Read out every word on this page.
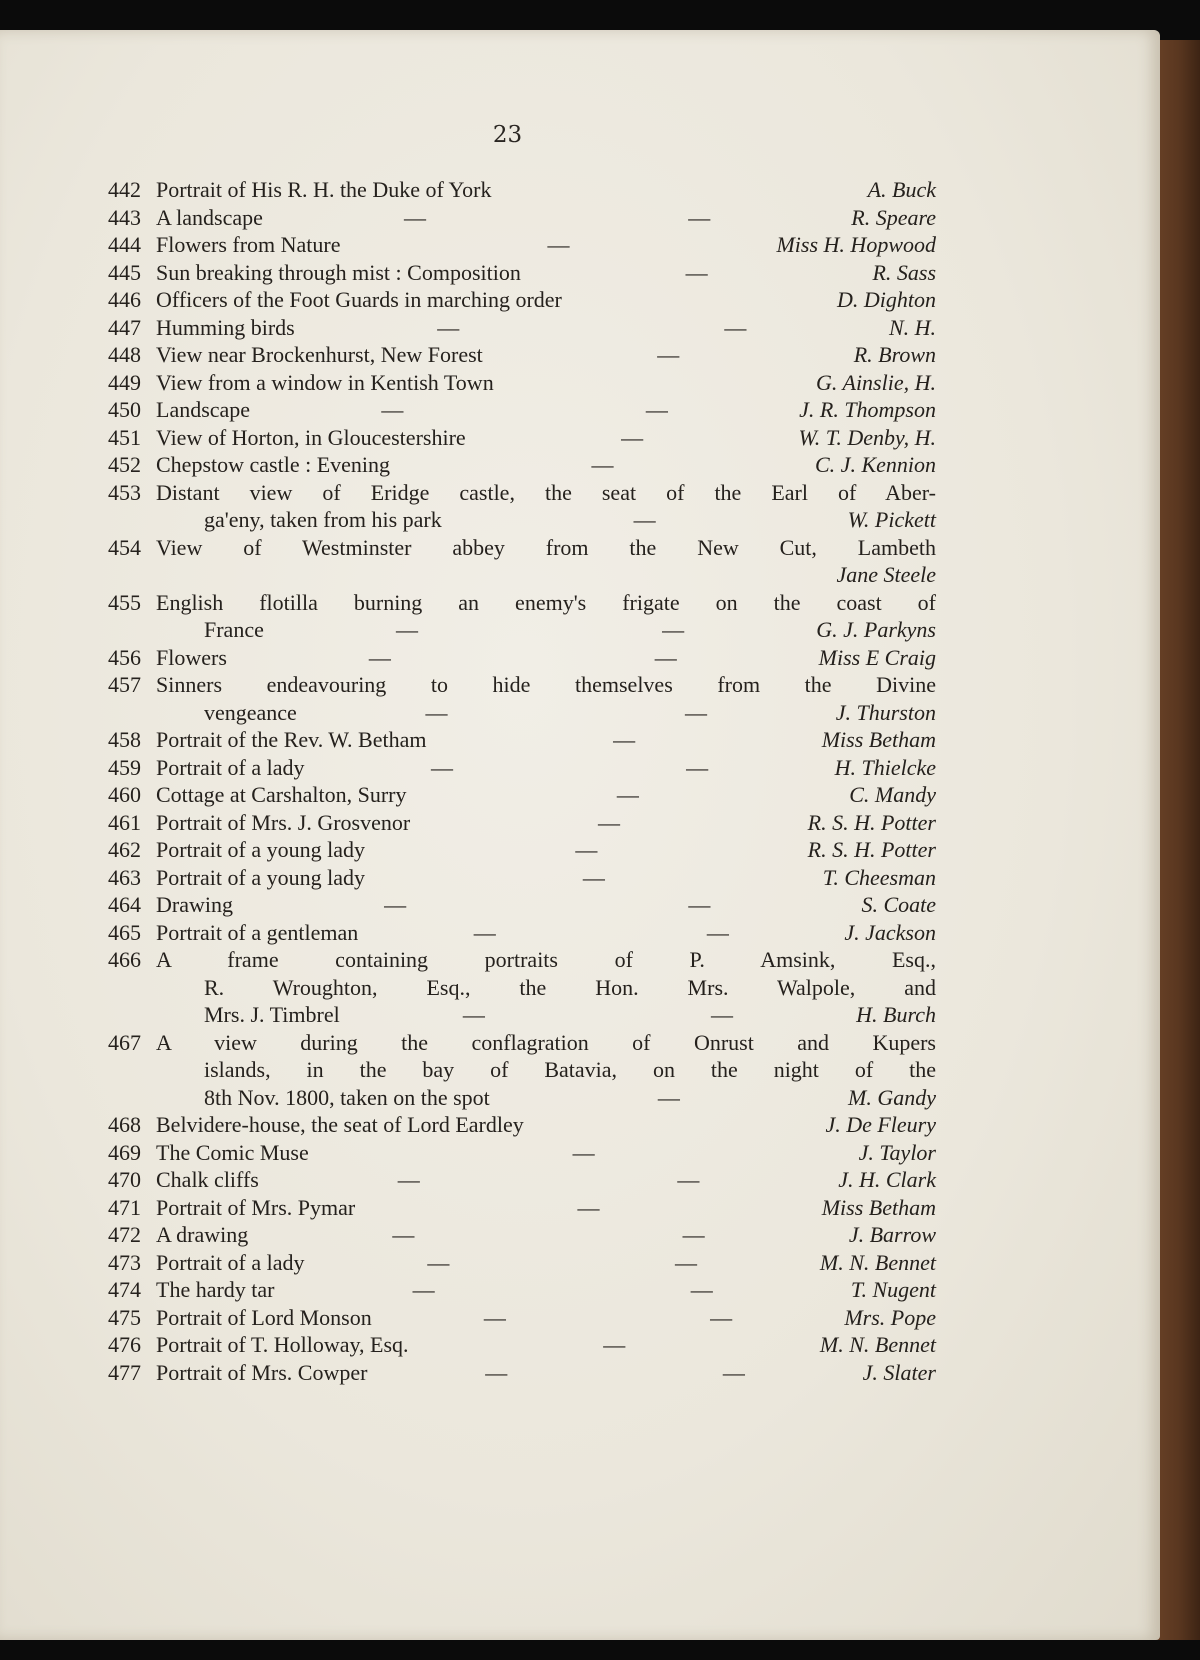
23
442 Portrait of His R. H. the Duke of York	A. Buck
443 A landscape	—	—	R. Speare
444 Flowers from Nature	—	Miss H. Hopwood
445 Sun breaking through mist : Composition	—	R. Sass
446 Officers of the Foot Guards in marching order	D. Dighton
447 Humming birds	—	—	N. H.
448 View near Brockenhurst, New Forest	—	R. Brown
449 View from a window in Kentish Town	G. Ainslie, H.
450 Landscape	—	—	J. R. Thompson
451 View of Horton, in Gloucestershire	—	W. T. Denby, H.
452 Chepstow castle : Evening	—	C. J. Kennion
453 Distant view of Eridge castle, the seat of the Earl of Aber-
ga'eny, taken from his park	—	W. Pickett
454 View of Westminster abbey from the New Cut, Lambeth
Jane Steele
455 English flotilla burning an enemy's frigate on the coast of
France	—	—	G. J. Parkyns
456 Flowers	—	—	Miss E Craig
457 Sinners endeavouring to hide themselves from the Divine
vengeance	—	—	J. Thurston
458 Portrait of the Rev. W. Betham	—	Miss Betham
459 Portrait of a lady	—	—	H. Thielcke
460 Cottage at Carshalton, Surry	—	C. Mandy
461 Portrait of Mrs. J. Grosvenor	—	R. S. H. Potter
462 Portrait of a young lady	—	R. S. H. Potter
463 Portrait of a young lady	—	T. Cheesman
464 Drawing	—	—	S. Coate
465 Portrait of a gentleman	—	—	J. Jackson
466 A frame containing portraits of P. Amsink, Esq.,
R. Wroughton, Esq., the Hon. Mrs. Walpole, and
Mrs. J. Timbrel	—	—	H. Burch
467 A view during the conflagration of Onrust and Kupers
islands, in the bay of Batavia, on the night of the
8th Nov. 1800, taken on the spot	—	M. Gandy
468 Belvidere-house, the seat of Lord Eardley	J. De Fleury
469 The Comic Muse	—	J. Taylor
470 Chalk cliffs	—	—	J. H. Clark
471 Portrait of Mrs. Pymar	—	Miss Betham
472 A drawing	—	—	J. Barrow
473 Portrait of a lady	—	—	M. N. Bennet
474 The hardy tar	—	—	T. Nugent
475 Portrait of Lord Monson	—	—	Mrs. Pope
476 Portrait of T. Holloway, Esq.	—	M. N. Bennet
477 Portrait of Mrs. Cowper	—	—	J. Slater
